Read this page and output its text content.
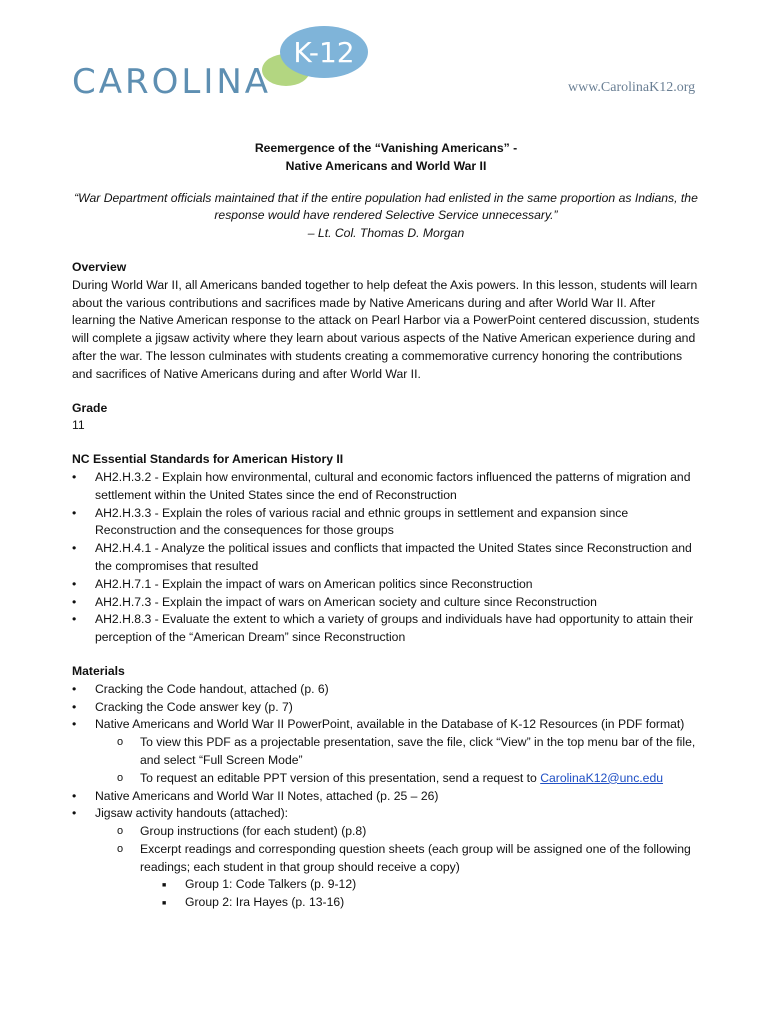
K-12
CAROLINA	www.CarolinaK12.org
Reemergence of the “Vanishing Americans” -
Native Americans and World War II
“War Department officials maintained that if the entire population had enlisted in the same proportion as Indians, the response would have rendered Selective Service unnecessary.”
– Lt. Col. Thomas D. Morgan
Overview

During World War II, all Americans banded together to help defeat the Axis powers. In this lesson, students will learn about the various contributions and sacrifices made by Native Americans during and after World War II. After learning the Native American response to the attack on Pearl Harbor via a PowerPoint centered discussion, students will complete a jigsaw activity where they learn about various aspects of the Native American experience during and after the war. The lesson culminates with students creating a commemorative currency honoring the contributions and sacrifices of Native Americans during and after World War II.

Grade

11

NC Essential Standards for American History II
• AH2.H.3.2 - Explain how environmental, cultural and economic factors influenced the patterns of migration and settlement within the United States since the end of Reconstruction
• AH2.H.3.3 - Explain the roles of various racial and ethnic groups in settlement and expansion since Reconstruction and the consequences for those groups
• AH2.H.4.1 - Analyze the political issues and conflicts that impacted the United States since Reconstruction and the compromises that resulted
• AH2.H.7.1 - Explain the impact of wars on American politics since Reconstruction
• AH2.H.7.3 - Explain the impact of wars on American society and culture since Reconstruction
• AH2.H.8.3 - Evaluate the extent to which a variety of groups and individuals have had opportunity to attain their perception of the “American Dream” since Reconstruction
Materials
• Cracking the Code handout, attached (p. 6)
• Cracking the Code answer key (p. 7)
• Native Americans and World War II PowerPoint, available in the Database of K-12 Resources (in PDF format)
o To view this PDF as a projectable presentation, save the file, click “View” in the top menu bar of the file, and select “Full Screen Mode”
o To request an editable PPT version of this presentation, send a request to CarolinaK12@unc.edu
• Native Americans and World War II Notes, attached (p. 25 – 26)
• Jigsaw activity handouts (attached):
o Group instructions (for each student) (p.8)
o Excerpt readings and corresponding question sheets (each group will be assigned one of the following readings; each student in that group should receive a copy)
■ Group 1: Code Talkers (p. 9-12)
■ Group 2: Ira Hayes (p. 13-16)
